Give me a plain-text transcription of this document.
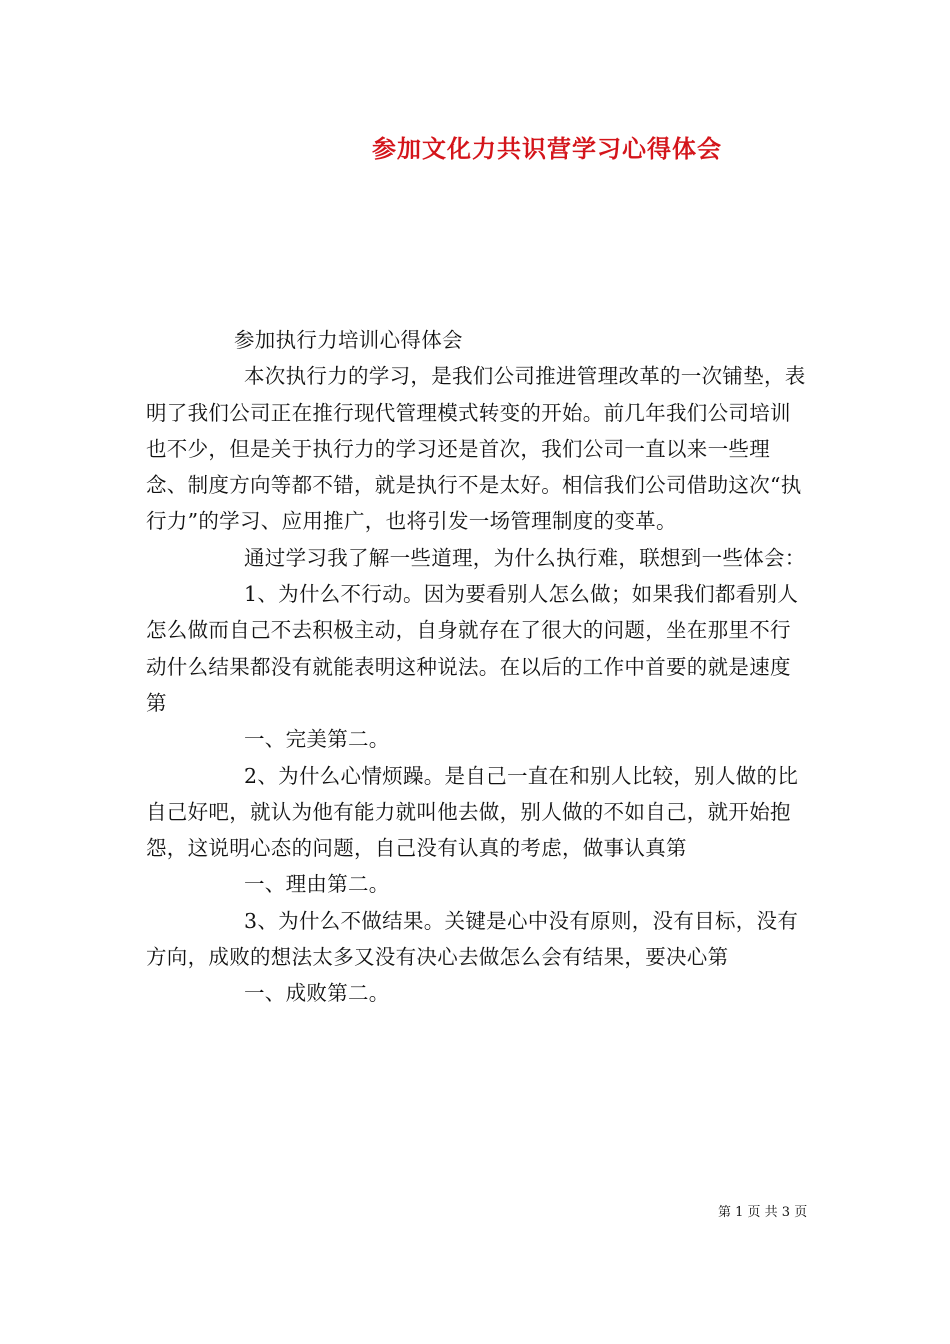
参加文化力共识营学习心得体会

参加执行力培训心得体会

本次执行力的学习，是我们公司推进管理改革的一次铺垫，表明了我们公司正在推行现代管理模式转变的开始。前几年我们公司培训也不少，但是关于执行力的学习还是首次，我们公司一直以来一些理念、制度方向等都不错，就是执行不是太好。相信我们公司借助这次“执行力”的学习、应用推广，也将引发一场管理制度的变革。

通过学习我了解一些道理，为什么执行难，联想到一些体会：

1、为什么不行动。因为要看别人怎么做；如果我们都看别人怎么做而自己不去积极主动，自身就存在了很大的问题，坐在那里不行动什么结果都没有就能表明这种说法。在以后的工作中首要的就是速度第

一、完美第二。

2、为什么心情烦躁。是自己一直在和别人比较，别人做的比自己好吧，就认为他有能力就叫他去做，别人做的不如自己，就开始抱怨，这说明心态的问题，自己没有认真的考虑，做事认真第

一、理由第二。

3、为什么不做结果。关键是心中没有原则，没有目标，没有方向，成败的想法太多又没有决心去做怎么会有结果，要决心第

一、成败第二。

第 1 页 共 3 页
